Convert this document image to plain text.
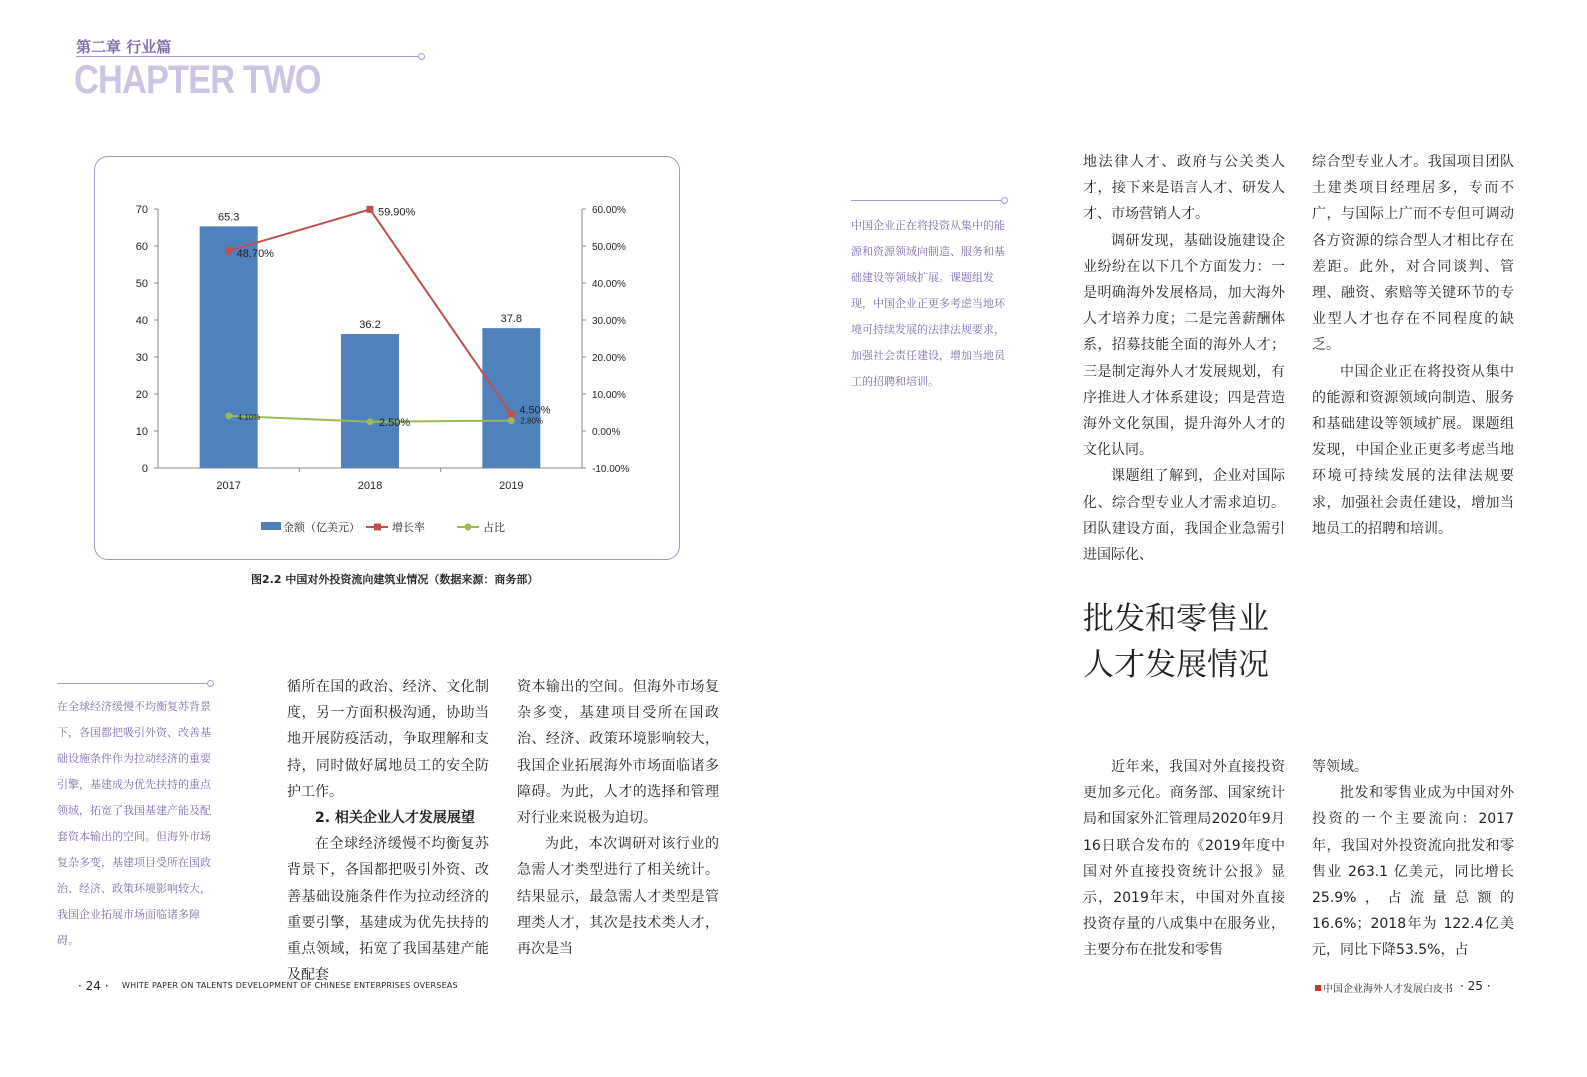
第二章 行业篇
CHAPTER TWO
0
10
20
30
40
50
60
70
-10.00%
0.00%
10.00%
20.00%
30.00%
40.00%
50.00%
60.00%
2017	2018	2019
65.3
36.2	37.8
48.70%
59.90%
4.50%
4.10%	2.50%	2.80%
金额（亿美元）	增长率	占比
图2.2 中国对外投资流向建筑业情况（数据来源：商务部）
中国企业正在将投资从集中的能源和资源领域向制造、服务和基础建设等领域扩展。课题组发现，中国企业正更多考虑当地环境可持续发展的法律法规要求，加强社会责任建设，增加当地员工的招聘和培训。
在全球经济缓慢不均衡复苏背景下，各国都把吸引外资、改善基础设施条件作为拉动经济的重要引擎，基建成为优先扶持的重点领域，拓宽了我国基建产能及配套资本输出的空间。但海外市场复杂多变，基建项目受所在国政治、经济、政策环境影响较大，我国企业拓展市场面临诸多障碍。

循所在国的政治、经济、文化制度，另一方面积极沟通，协助当地开展防疫活动，争取理解和支持，同时做好属地员工的安全防护工作。

2. 相关企业人才发展展望

在全球经济缓慢不均衡复苏背景下，各国都把吸引外资、改善基础设施条件作为拉动经济的重要引擎，基建成为优先扶持的重点领域，拓宽了我国基建产能及配套

资本输出的空间。但海外市场复杂多变，基建项目受所在国政治、经济、政策环境影响较大，我国企业拓展海外市场面临诸多障碍。为此，人才的选择和管理对行业来说极为迫切。

为此，本次调研对该行业的急需人才类型进行了相关统计。结果显示，最急需人才类型是管理类人才，其次是技术类人才，再次是当

地法律人才、政府与公关类人才，接下来是语言人才、研发人才、市场营销人才。

调研发现，基础设施建设企业纷纷在以下几个方面发力：一是明确海外发展格局，加大海外人才培养力度；二是完善薪酬体系，招募技能全面的海外人才；三是制定海外人才发展规划，有序推进人才体系建设；四是营造海外文化氛围，提升海外人才的文化认同。

课题组了解到，企业对国际化、综合型专业人才需求迫切。团队建设方面，我国企业急需引进国际化、

综合型专业人才。我国项目团队土建类项目经理居多，专而不广，与国际上广而不专但可调动各方资源的综合型人才相比存在差距。此外，对合同谈判、管理、融资、索赔等关键环节的专业型人才也存在不同程度的缺乏。

中国企业正在将投资从集中的能源和资源领域向制造、服务和基础建设等领域扩展。课题组发现，中国企业正更多考虑当地环境可持续发展的法律法规要求，加强社会责任建设，增加当地员工的招聘和培训。

批发和零售业
人才发展情况

近年来，我国对外直接投资更加多元化。商务部、国家统计局和国家外汇管理局2020年9月16日联合发布的《2019年度中国对外直接投资统计公报》显示，2019年末，中国对外直接投资存量的八成集中在服务业，主要分布在批发和零售

等领域。

批发和零售业成为中国对外投资的一个主要流向：2017 年，我国对外投资流向批发和零售业 263.1 亿美元，同比增长 25.9%，占流量总额的 16.6%；2018年为 122.4亿美元，同比下降53.5%，占

· 24 · WHITE PAPER ON TALENTS DEVELOPMENT OF CHINESE ENTERPRISES OVERSEAS	中国企业海外人才发展白皮书 · 25 ·
